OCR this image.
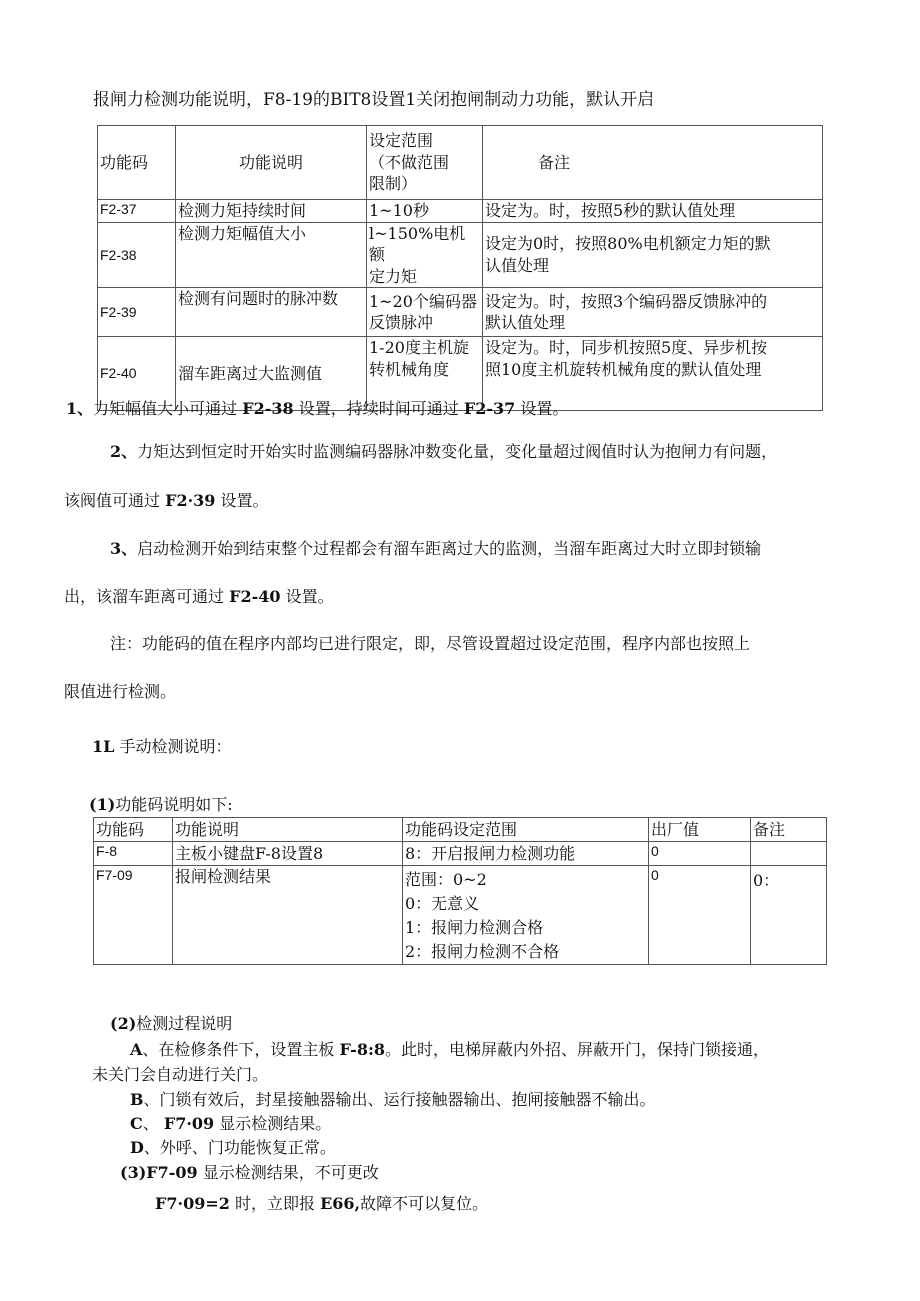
报闸力检测功能说明，F8-19的BIT8设置1关闭抱闸制动力功能，默认开启
功能码	功能说明	设定范围
（不做范围
限制）	备注
F2-37	检测力矩持续时间	1~10秒	设定为。时，按照5秒的默认值处理

F2-38	检测力矩幅值大小	l~150%电机额
定力矩	设定为0时，按照80%电机额定力矩的默
认值处理

F2-39	检测有问题时的脉冲数	1~20个编码器
反馈脉冲	设定为。时，按照3个编码器反馈脉冲的
默认值处理

F2-40	溜车距离过大监测值	1-20度主机旋
转机械角度	设定为。时，同步机按照5度、异步机按
照10度主机旋转机械角度的默认值处理
1、力矩幅值大小可通过 F2-38 设置，持续时间可通过 F2-37 设置。
2、力矩达到恒定时开始实时监测编码器脉冲数变化量，变化量超过阀值时认为抱闸力有问题，
该阀值可通过 F2·39 设置。
3、启动检测开始到结束整个过程都会有溜车距离过大的监测，当溜车距离过大时立即封锁输
出，该溜车距离可通过 F2-40 设置。
注：功能码的值在程序内部均已进行限定，即，尽管设置超过设定范围，程序内部也按照上
限值进行检测。
1L 手动检测说明：
(1)功能码说明如下:
功能码	功能说明	功能码设定范围	出厂值	备注
F-8	主板小键盘F-8设置8	8：开启报闸力检测功能	0	
F7-09	报闸检测结果	范围：0~2
0：无意义
1：报闸力检测合格
2：报闸力检测不合格	0	0：
(2)检测过程说明
A、在检修条件下，设置主板 F-8:8。此时，电梯屏蔽内外招、屏蔽开门，保持门锁接通，
未关门会自动进行关门。
B、门锁有效后，封星接触器输出、运行接触器输出、抱闸接触器不输出。
C、 F7·09 显示检测结果。
D、外呼、门功能恢复正常。
(3)F7-09 显示检测结果，不可更改
F7·09=2 时，立即报 E66,故障不可以复位。
